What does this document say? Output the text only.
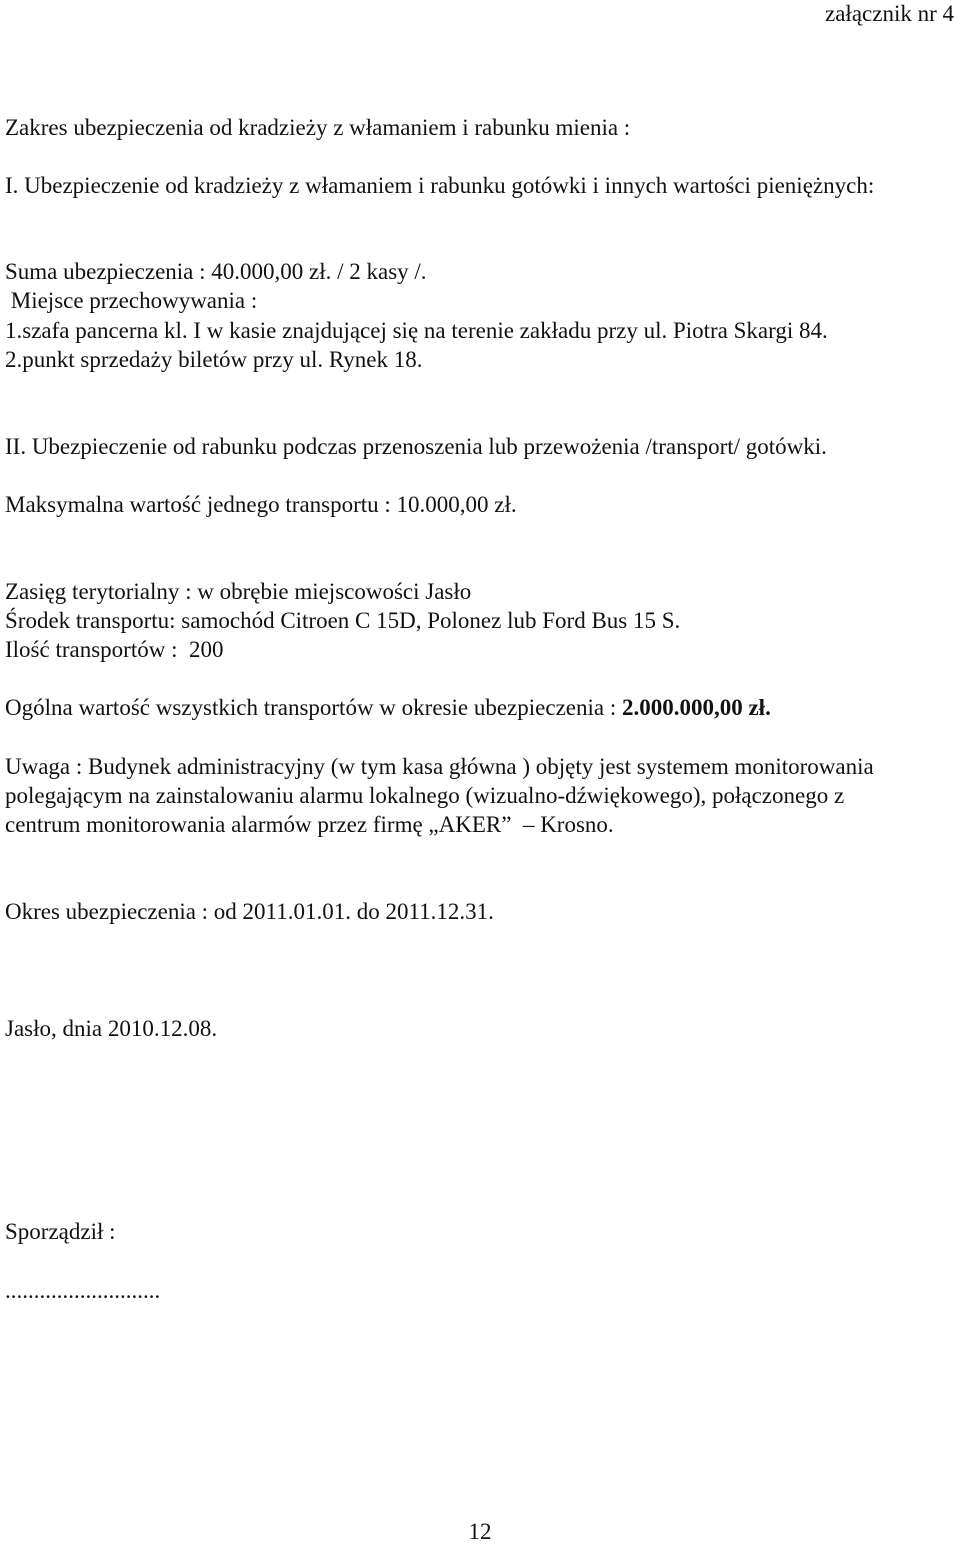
załącznik nr 4
Zakres ubezpieczenia od kradzieży z włamaniem i rabunku mienia :
I. Ubezpieczenie od kradzieży z włamaniem i rabunku gotówki i innych wartości pieniężnych:
Suma ubezpieczenia : 40.000,00 zł. / 2 kasy /.
Miejsce przechowywania :
1.szafa pancerna kl. I w kasie znajdującej się na terenie zakładu przy ul. Piotra Skargi 84.
2.punkt sprzedaży biletów przy ul. Rynek 18.
II. Ubezpieczenie od rabunku podczas przenoszenia lub przewożenia /transport/ gotówki.
Maksymalna wartość jednego transportu : 10.000,00 zł.
Zasięg terytorialny : w obrębie miejscowości Jasło
Środek transportu: samochód Citroen C 15D, Polonez lub Ford Bus 15 S.
Ilość transportów :  200
Ogólna wartość wszystkich transportów w okresie ubezpieczenia : 2.000.000,00 zł.
Uwaga : Budynek administracyjny (w tym kasa główna ) objęty jest systemem monitorowania
polegającym na zainstalowaniu alarmu lokalnego (wizualno-dźwiękowego), połączonego z
centrum monitorowania alarmów przez firmę „AKER”  – Krosno.
Okres ubezpieczenia : od 2011.01.01. do 2011.12.31.
Jasło, dnia 2010.12.08.
Sporządził :
...........................
12
